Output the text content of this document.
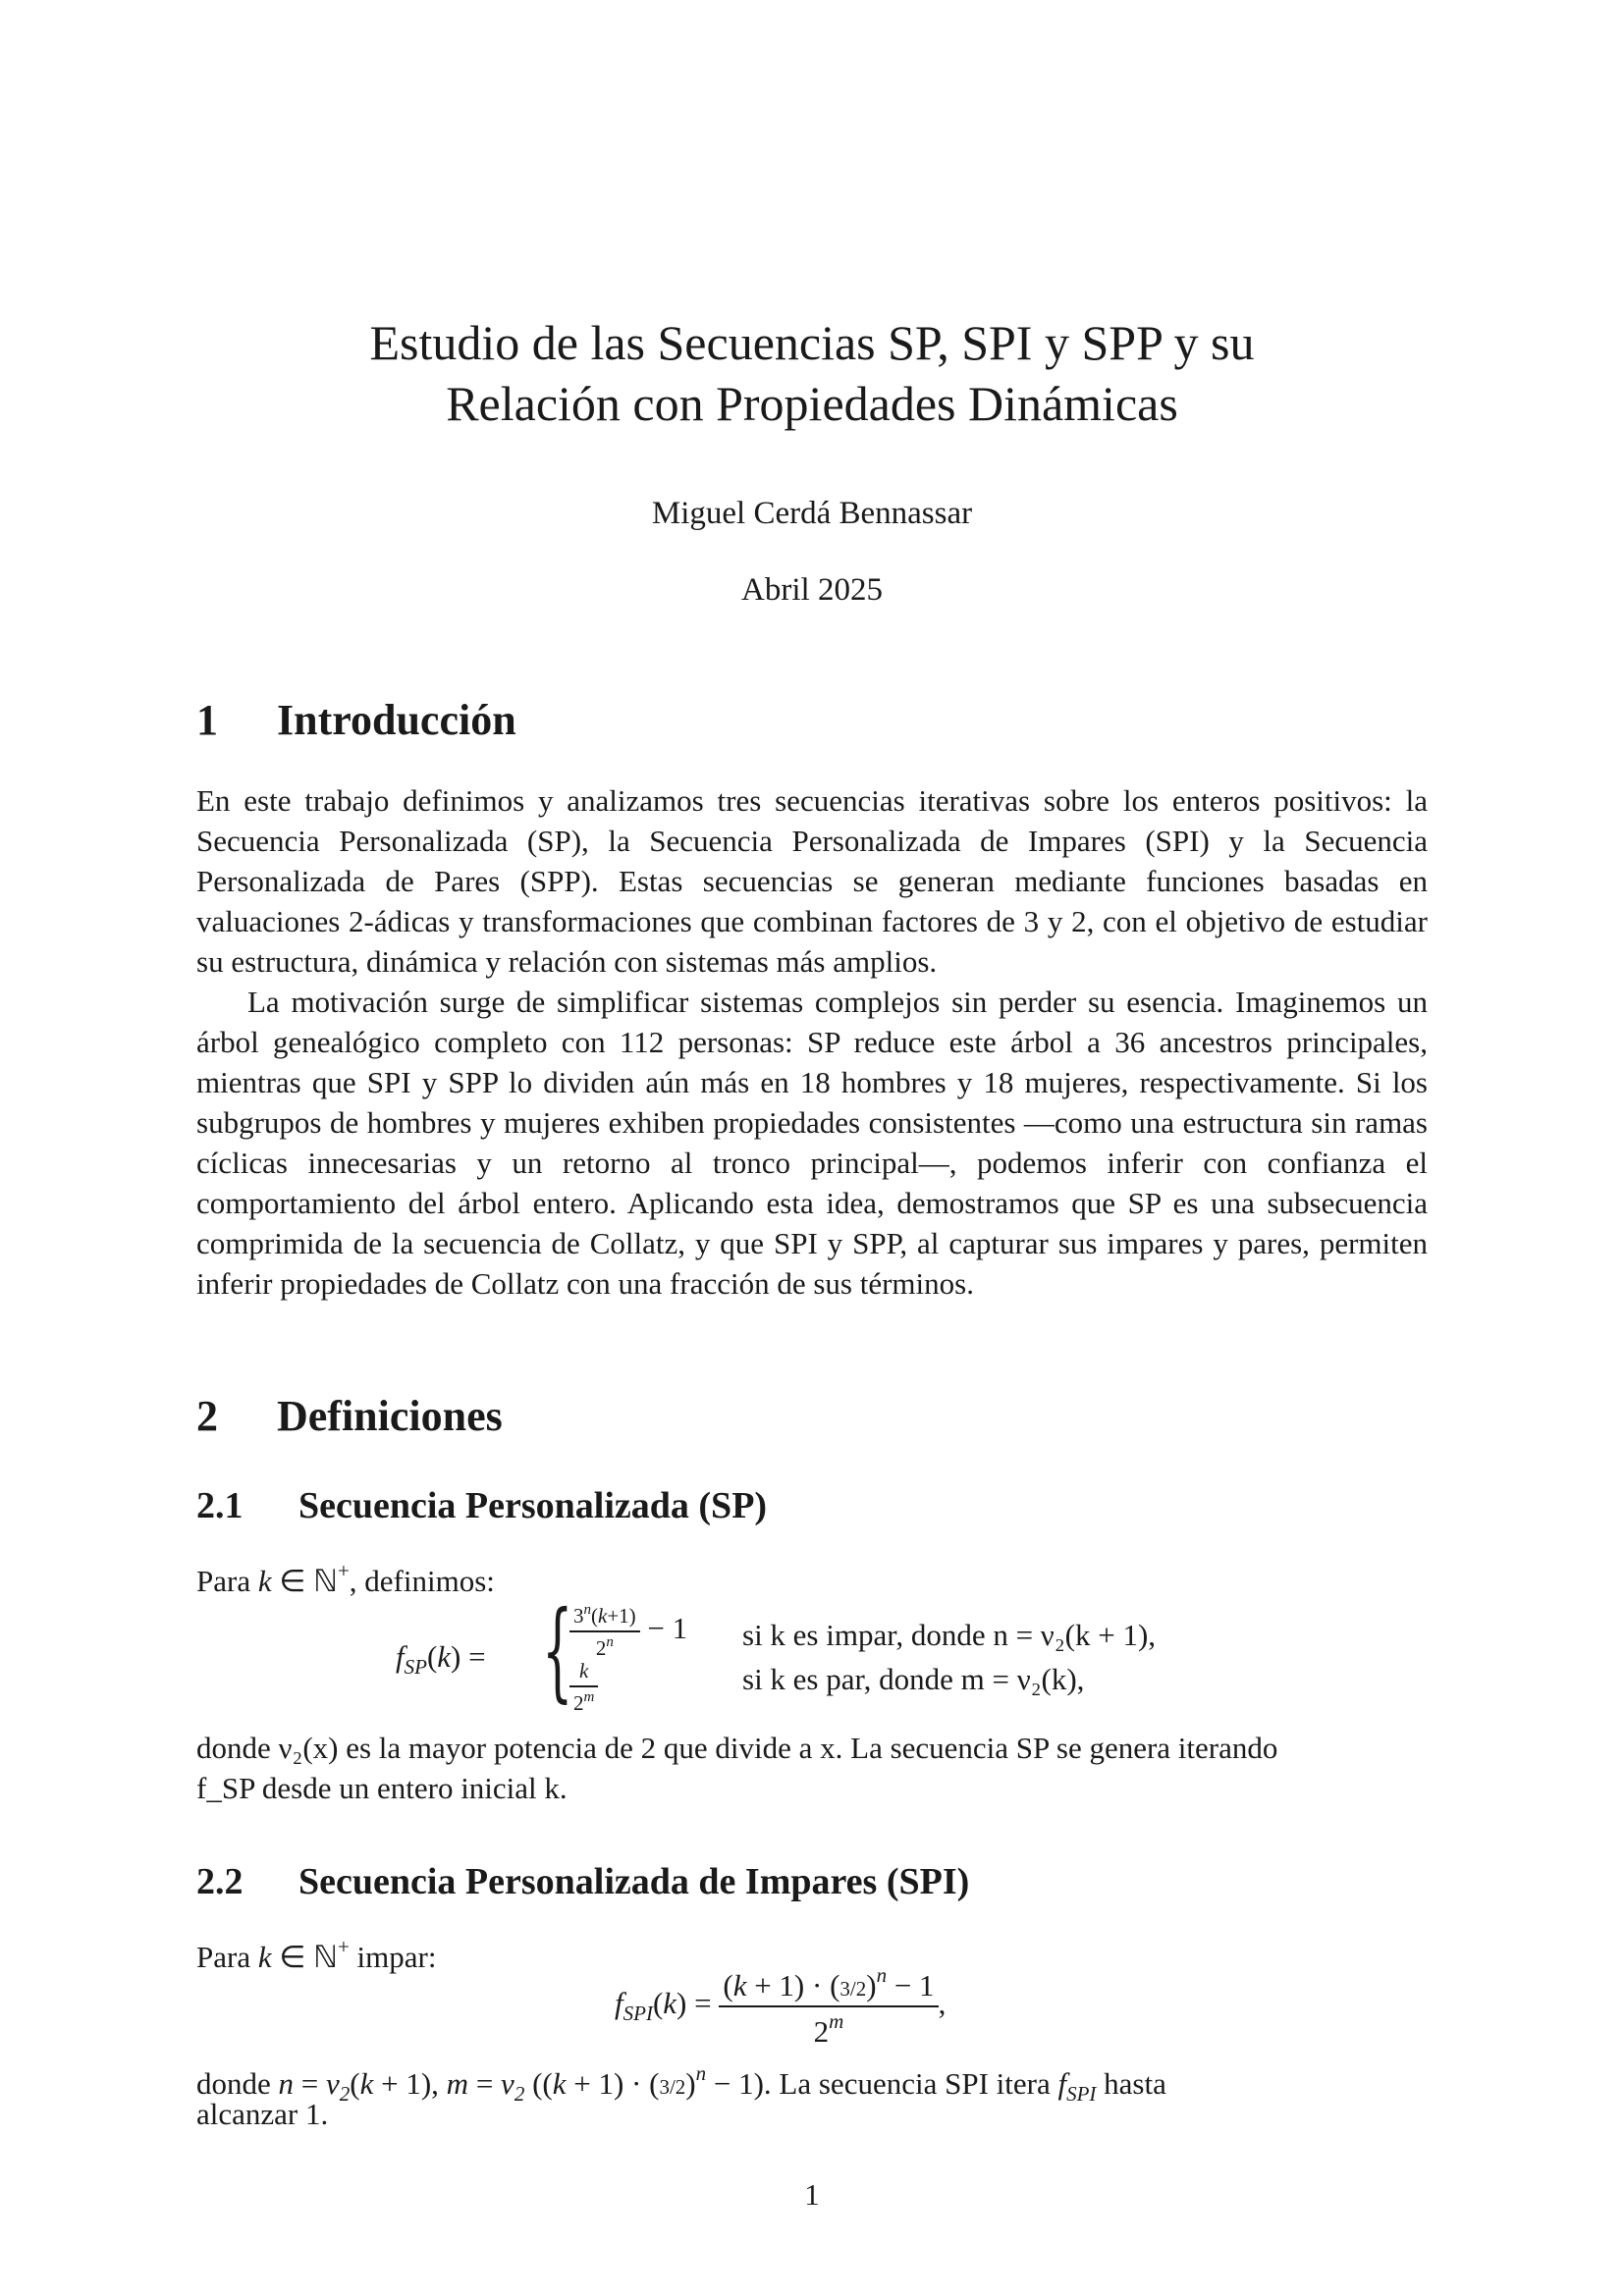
Estudio de las Secuencias SP, SPI y SPP y su
Relación con Propiedades Dinámicas
Miguel Cerdá Bennassar
Abril 2025
1 Introducción
En este trabajo definimos y analizamos tres secuencias iterativas sobre los enteros positivos: la Secuencia Personalizada (SP), la Secuencia Personalizada de Impares (SPI) y la Secuencia Personalizada de Pares (SPP). Estas secuencias se generan mediante funciones basadas en valuaciones 2-ádicas y transformaciones que combinan factores de 3 y 2, con el objetivo de estudiar su estructura, dinámica y relación con sistemas más amplios.
La motivación surge de simplificar sistemas complejos sin perder su esencia. Imaginemos un árbol genealógico completo con 112 personas: SP reduce este árbol a 36 ancestros principales, mientras que SPI y SPP lo dividen aún más en 18 hombres y 18 mujeres, respectivamente. Si los subgrupos de hombres y mujeres exhiben propiedades consistentes —como una estructura sin ramas cíclicas innecesarias y un retorno al tronco principal—, podemos inferir con confianza el comportamiento del árbol entero. Aplicando esta idea, demostramos que SP es una subsecuencia comprimida de la secuencia de Collatz, y que SPI y SPP, al capturar sus impares y pares, permiten inferir propiedades de Collatz con una fracción de sus términos.
2 Definiciones
2.1 Secuencia Personalizada (SP)
Para k ∈ ℕ+, definimos:
$f_{SP}(k)$ = {
$\frac{3^n(k+1)}{2^n} - 1$
$\frac{k}{2^m}$
si k es impar, donde n = ν₂(k + 1),
si k es par, donde m = ν₂(k),
donde ν₂(x) es la mayor potencia de 2 que divide a x. La secuencia SP se genera iterando
f_SP desde un entero inicial k.
2.2 Secuencia Personalizada de Impares (SPI)
Para k ∈ ℕ+ impar:
$f_{SPI}(k) = \frac{(k + 1) \cdot (3/2)^n - 1}{2^m}$ ,
donde $n = \nu_2(k + 1)$, $m = \nu_2$ $((k + 1) \cdot (3/2)^n - 1)$. La secuencia SPI itera $f_{SPI}$ hasta
alcanzar 1.
1
